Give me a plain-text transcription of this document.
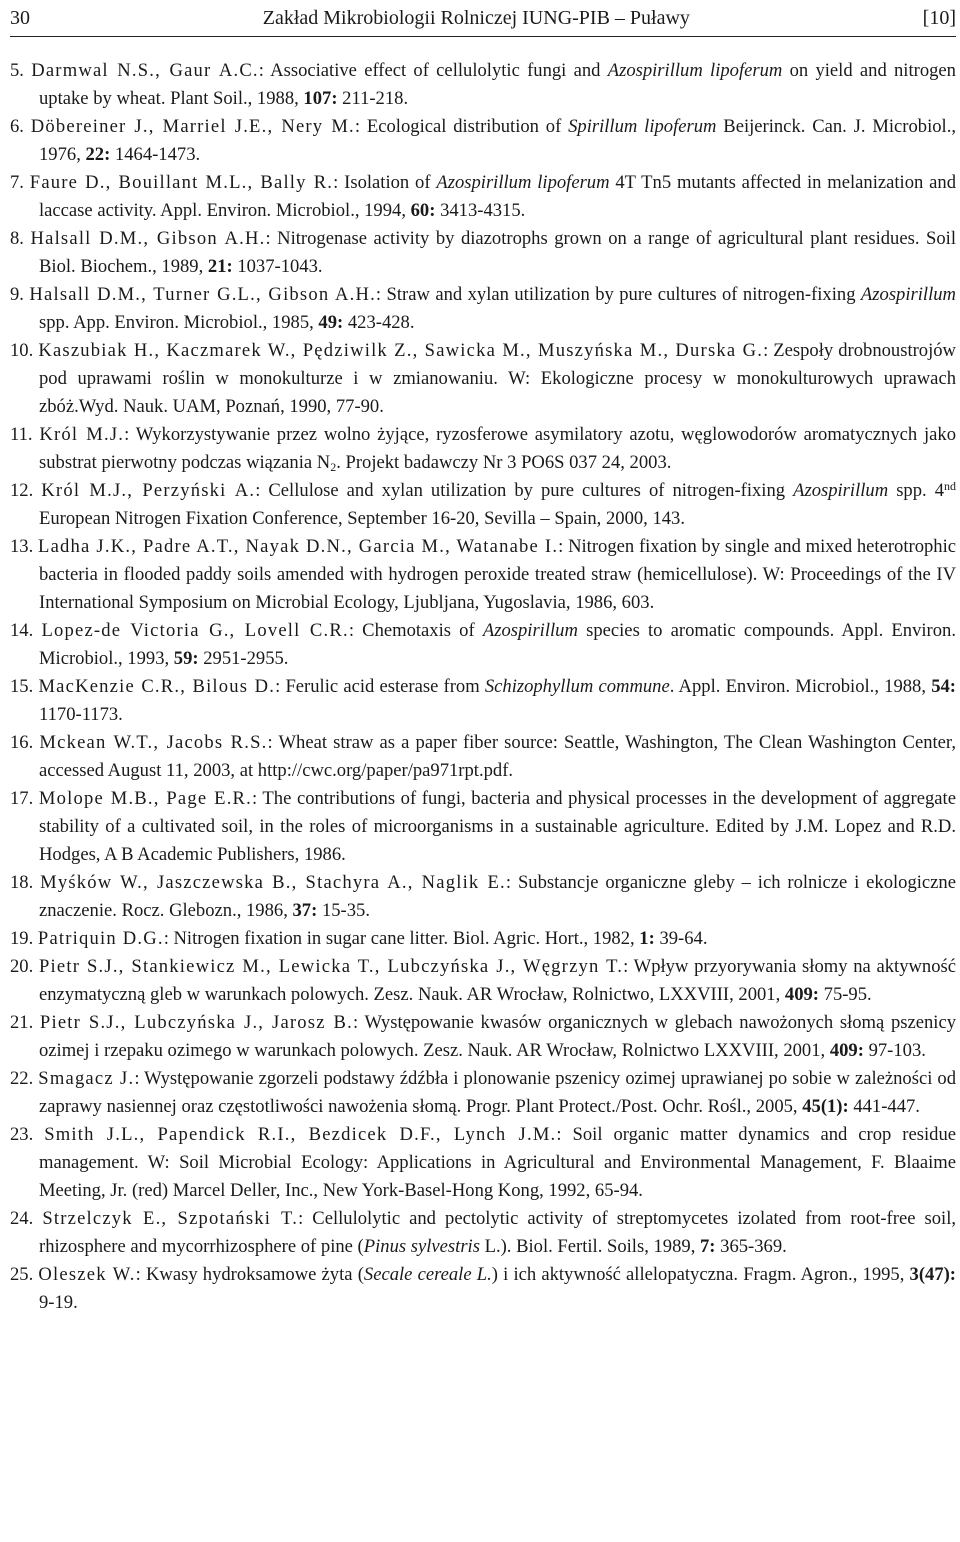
30	Zakład Mikrobiologii Rolniczej IUNG-PIB – Puławy	[10]
5. Darmwal N.S., Gaur A.C.: Associative effect of cellulolytic fungi and Azospirillum lipoferum on yield and nitrogen uptake by wheat. Plant Soil., 1988, 107: 211-218.
6. Döbereiner J., Marriel J.E., Nery M.: Ecological distribution of Spirillum lipoferum Beijerinck. Can. J. Microbiol., 1976, 22: 1464-1473.
7. Faure D., Bouillant M.L., Bally R.: Isolation of Azospirillum lipoferum 4T Tn5 mutants affected in melanization and laccase activity. Appl. Environ. Microbiol., 1994, 60: 3413-4315.
8. Halsall D.M., Gibson A.H.: Nitrogenase activity by diazotrophs grown on a range of agricultural plant residues. Soil Biol. Biochem., 1989, 21: 1037-1043.
9. Halsall D.M., Turner G.L., Gibson A.H.: Straw and xylan utilization by pure cultures of nitrogen-fixing Azospirillum spp. App. Environ. Microbiol., 1985, 49: 423-428.
10. Kaszubiak H., Kaczmarek W., Pędziwilk Z., Sawicka M., Muszyńska M., Durska G.: Zespoły drobnoustrojów pod uprawami roślin w monokulturze i w zmianowaniu. W: Ekologiczne procesy w monokulturowych uprawach zbóż.Wyd. Nauk. UAM, Poznań, 1990, 77-90.
11. Król M.J.: Wykorzystywanie przez wolno żyjące, ryzosferowe asymilatory azotu, węglowodorów aromatycznych jako substrat pierwotny podczas wiązania $N_2$. Projekt badawczy Nr 3 PO6S 037 24, 2003.
12. Król M.J., Perzyński A.: Cellulose and xylan utilization by pure cultures of nitrogen-fixing Azospirillum spp. 4nd European Nitrogen Fixation Conference, September 16-20, Sevilla – Spain, 2000, 143.
13. Ladha J.K., Padre A.T., Nayak D.N., Garcia M., Watanabe I.: Nitrogen fixation by single and mixed heterotrophic bacteria in flooded paddy soils amended with hydrogen peroxide treated straw (hemicellulose). W: Proceedings of the IV International Symposium on Microbial Ecology, Ljubljana, Yugoslavia, 1986, 603.
14. Lopez-de Victoria G., Lovell C.R.: Chemotaxis of Azospirillum species to aromatic compounds. Appl. Environ. Microbiol., 1993, 59: 2951-2955.
15. MacKenzie C.R., Bilous D.: Ferulic acid esterase from Schizophyllum commune. Appl. Environ. Microbiol., 1988, 54: 1170-1173.
16. Mckean W.T., Jacobs R.S.: Wheat straw as a paper fiber source: Seattle, Washington, The Clean Washington Center, accessed August 11, 2003, at http://cwc.org/paper/pa971rpt.pdf.
17. Molope M.B., Page E.R.: The contributions of fungi, bacteria and physical processes in the development of aggregate stability of a cultivated soil, in the roles of microorganisms in a sustainable agriculture. Edited by J.M. Lopez and R.D. Hodges, A B Academic Publishers, 1986.
18. Myśków W., Jaszczewska B., Stachyra A., Naglik E.: Substancje organiczne gleby – ich rolnicze i ekologiczne znaczenie. Rocz. Glebozn., 1986, 37: 15-35.
19. Patriquin D.G.: Nitrogen fixation in sugar cane litter. Biol. Agric. Hort., 1982, 1: 39-64.
20. Pietr S.J., Stankiewicz M., Lewicka T., Lubczyńska J., Węgrzyn T.: Wpływ przyorywania słomy na aktywność enzymatyczną gleb w warunkach polowych. Zesz. Nauk. AR Wrocław, Rolnictwo, LXXVIII, 2001, 409: 75-95.
21. Pietr S.J., Lubczyńska J., Jarosz B.: Występowanie kwasów organicznych w glebach nawożonych słomą pszenicy ozimej i rzepaku ozimego w warunkach polowych. Zesz. Nauk. AR Wrocław, Rolnictwo LXXVIII, 2001, 409: 97-103.
22. Smagacz J.: Występowanie zgorzeli podstawy źdźbła i plonowanie pszenicy ozimej uprawianej po sobie w zależności od zaprawy nasiennej oraz częstotliwości nawożenia słomą. Progr. Plant Protect./Post. Ochr. Rośl., 2005, 45(1): 441-447.
23. Smith J.L., Papendick R.I., Bezdicek D.F., Lynch J.M.: Soil organic matter dynamics and crop residue management. W: Soil Microbial Ecology: Applications in Agricultural and Environmental Management, F. Blaaime Meeting, Jr. (red) Marcel Deller, Inc., New York-Basel-Hong Kong, 1992, 65-94.
24. Strzelczyk E., Szpotański T.: Cellulolytic and pectolytic activity of streptomycetes izolated from root-free soil, rhizosphere and mycorrhizosphere of pine (Pinus sylvestris L.). Biol. Fertil. Soils, 1989, 7: 365-369.
25. Oleszek W.: Kwasy hydroksamowe żyta (Secale cereale L.) i ich aktywność allelopatyczna. Fragm. Agron., 1995, 3(47): 9-19.
